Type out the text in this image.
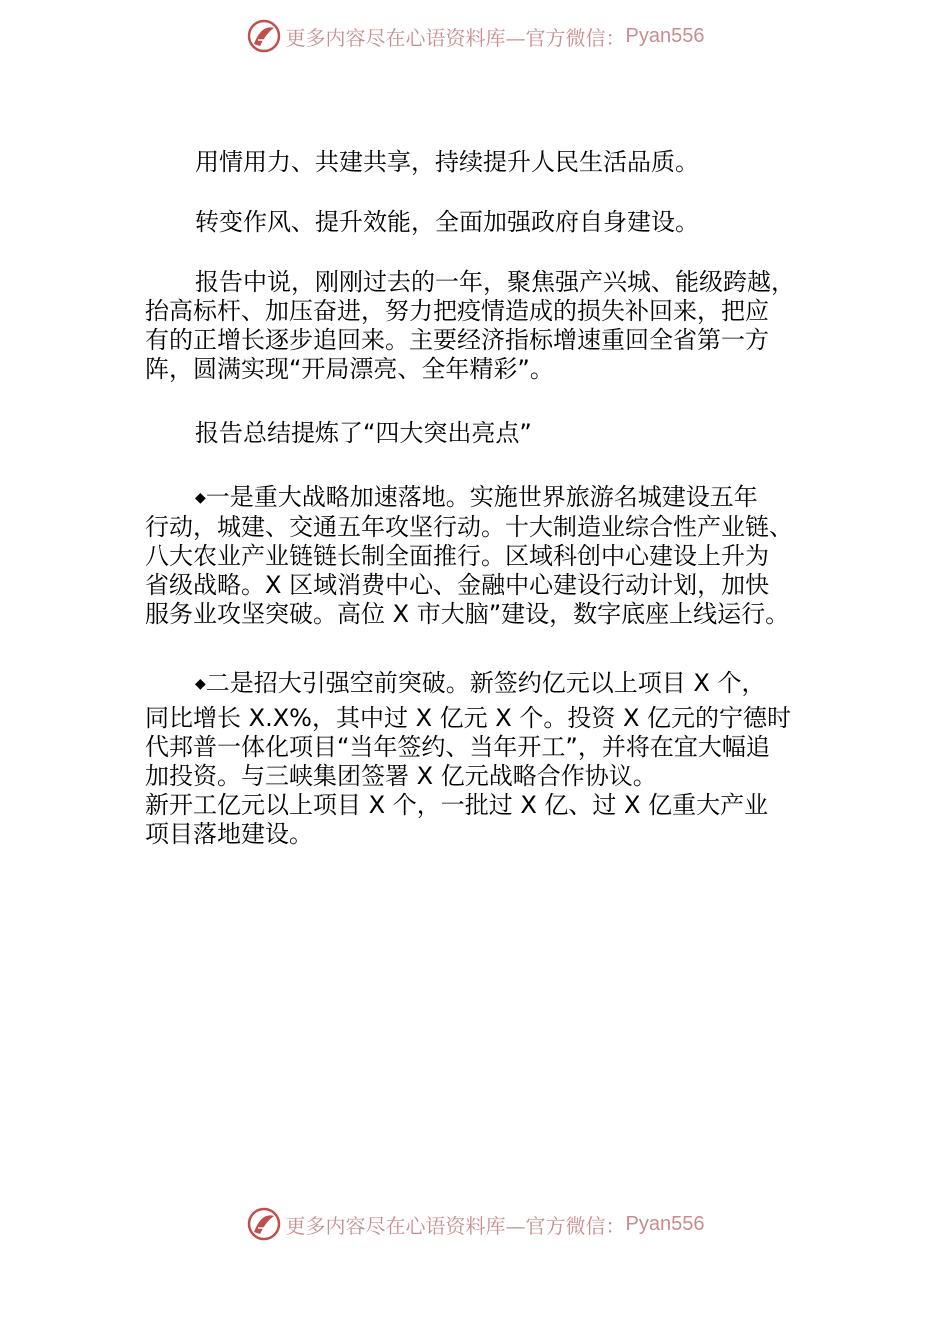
更多内容尽在心语资料库—官方微信： Pyan556

用情用力、共建共享，持续提升人民生活品质。

转变作风、提升效能，全面加强政府自身建设。

报告中说，刚刚过去的一年，聚焦强产兴城、能级跨越，
抬高标杆、加压奋进，努力把疫情造成的损失补回来，把应
有的正增长逐步追回来。主要经济指标增速重回全省第一方
阵，圆满实现“开局漂亮、全年精彩”。

报告总结提炼了“四大突出亮点”

◆一是重大战略加速落地。实施世界旅游名城建设五年
行动，城建、交通五年攻坚行动。十大制造业综合性产业链、
八大农业产业链链长制全面推行。区域科创中心建设上升为
省级战略。X 区域消费中心、金融中心建设行动计划，加快
服务业攻坚突破。高位 X 市大脑”建设，数字底座上线运行。

◆二是招大引强空前突破。新签约亿元以上项目 X 个，
同比增长 X.X%，其中过 X 亿元 X 个。投资 X 亿元的宁德时
代邦普一体化项目“当年签约、当年开工”，并将在宜大幅追
加投资。与三峡集团签署 X 亿元战略合作协议。
新开工亿元以上项目 X 个，一批过 X 亿、过 X 亿重大产业
项目落地建设。

更多内容尽在心语资料库—官方微信： Pyan556
